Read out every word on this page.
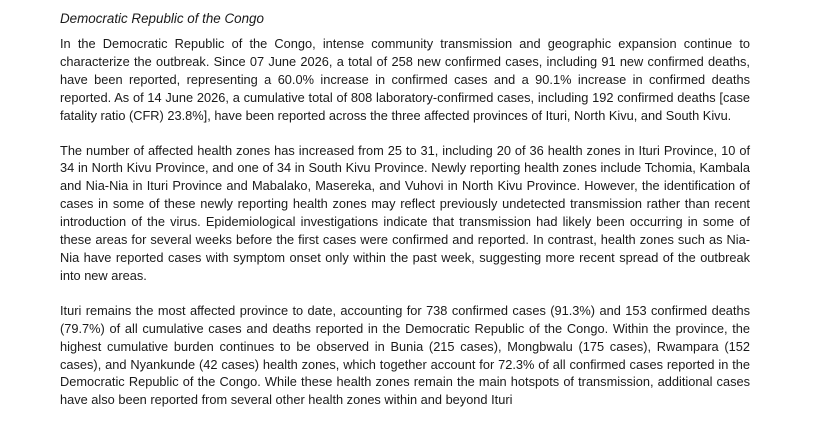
Democratic Republic of the Congo

In the Democratic Republic of the Congo, intense community transmission and geographic expansion continue to characterize the outbreak. Since 07 June 2026, a total of 258 new confirmed cases, including 91 new confirmed deaths, have been reported, representing a 60.0% increase in confirmed cases and a 90.1% increase in confirmed deaths reported. As of 14 June 2026, a cumulative total of 808 laboratory-confirmed cases, including 192 confirmed deaths [case fatality ratio (CFR) 23.8%], have been reported across the three affected provinces of Ituri, North Kivu, and South Kivu.

The number of affected health zones has increased from 25 to 31, including 20 of 36 health zones in Ituri Province, 10 of 34 in North Kivu Province, and one of 34 in South Kivu Province. Newly reporting health zones include Tchomia, Kambala and Nia-Nia in Ituri Province and Mabalako, Masereka, and Vuhovi in North Kivu Province. However, the identification of cases in some of these newly reporting health zones may reflect previously undetected transmission rather than recent introduction of the virus. Epidemiological investigations indicate that transmission had likely been occurring in some of these areas for several weeks before the first cases were confirmed and reported. In contrast, health zones such as Nia-Nia have reported cases with symptom onset only within the past week, suggesting more recent spread of the outbreak into new areas.

Ituri remains the most affected province to date, accounting for 738 confirmed cases (91.3%) and 153 confirmed deaths (79.7%) of all cumulative cases and deaths reported in the Democratic Republic of the Congo. Within the province, the highest cumulative burden continues to be observed in Bunia (215 cases), Mongbwalu (175 cases), Rwampara (152 cases), and Nyankunde (42 cases) health zones, which together account for 72.3% of all confirmed cases reported in the Democratic Republic of the Congo. While these health zones remain the main hotspots of transmission, additional cases have also been reported from several other health zones within and beyond Ituri
